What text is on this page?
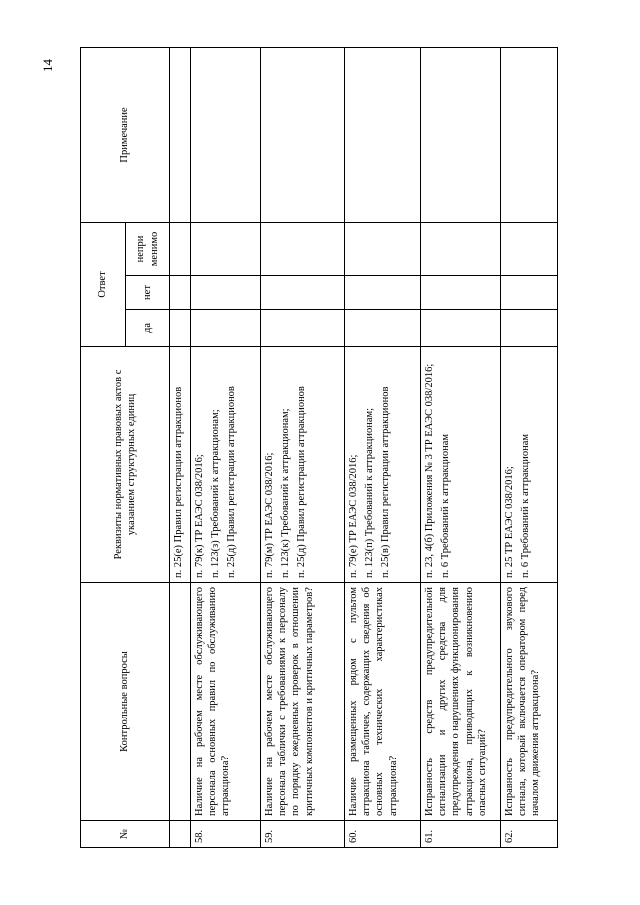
14
№	Контрольные вопросы	Реквизиты нормативных правовых актов с указанием структурных единиц	Ответ			Примечание
			да	нет	непри менимо	

		п. 25(е) Правил регистрации аттракционов				

58.	Наличие на рабочем месте обслуживающего персонала основных правил по обслуживанию аттракциона?	п. 79(к) ТР ЕАЭС 038/2016; п. 123(з) Требований к аттракционам; п. 25(д) Правил регистрации аттракционов				

59.	Наличие на рабочем месте обслуживающего персонала таблички с требованиями к персоналу по порядку ежедневных проверок в отношении критичных компонентов и критичных параметров?	п. 79(м) ТР ЕАЭС 038/2016; п. 123(к) Требований к аттракционам; п. 25(д) Правил регистрации аттракционов				

60.	Наличие размещенных рядом с пультом аттракциона табличек, содержащих сведения об основных технических характеристиках аттракциона?	п. 79(е) ТР ЕАЭС 038/2016; п. 123(п) Требований к аттракционам; п. 25(в) Правил регистрации аттракционов				

61.	Исправность средств предупредительной сигнализации и других средства для предупреждения о нарушениях функционирования аттракциона, приводящих к возникновению опасных ситуаций?	п. 23, 4(б) Приложения № 3 ТР ЕАЭС 038/2016; п. 6 Требований к аттракционам				

62.	Исправность предупредительного звукового сигнала, который включается оператором перед началом движения аттракциона?	п. 25 ТР ЕАЭС 038/2016; п. 6 Требований к аттракционам				
